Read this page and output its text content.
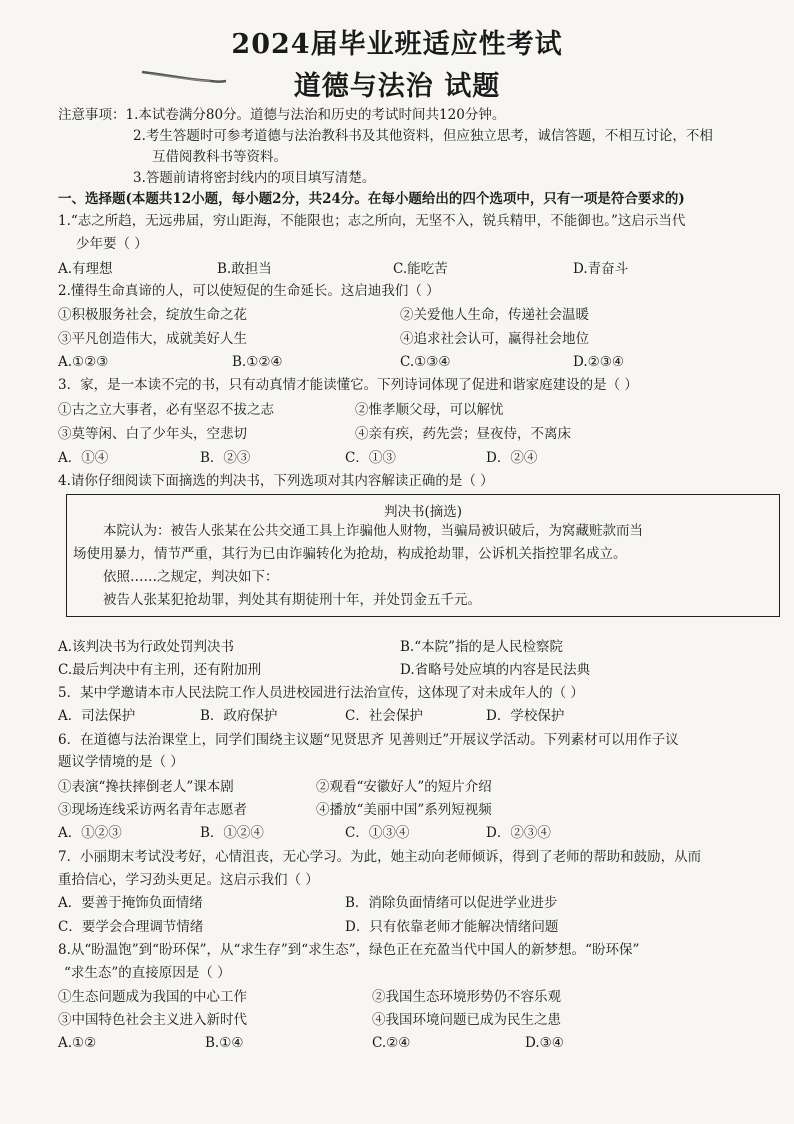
2024届毕业班适应性考试
道德与法治 试题
注意事项：1.本试卷满分80分。道德与法治和历史的考试时间共120分钟。
2.考生答题时可参考道德与法治教科书及其他资料，但应独立思考，诚信答题，不相互讨论，不相
互借阅教科书等资料。
3.答题前请将密封线内的项目填写清楚。
一、选择题(本题共12小题，每小题2分，共24分。在每小题给出的四个选项中，只有一项是符合要求的)
1.“志之所趋，无远弗届，穷山距海，不能限也；志之所向，无坚不入，锐兵精甲，不能御也。”这启示当代
少年要（ ）
A.有理想	B.敢担当	C.能吃苦	D.青奋斗
2.懂得生命真谛的人，可以使短促的生命延长。这启迪我们（ ）
①积极服务社会，绽放生命之花	②关爱他人生命，传递社会温暖
③平凡创造伟大，成就美好人生	④追求社会认可，赢得社会地位
A.①②③	B.①②④	C.①③④	D.②③④
3．家，是一本读不完的书，只有动真情才能读懂它。下列诗词体现了促进和谐家庭建设的是（ ）
①古之立大事者，必有坚忍不拔之志	②惟孝顺父母，可以解忧
③莫等闲、白了少年头，空悲切	④亲有疾，药先尝；昼夜侍，不离床
A．①④	B．②③	C．①③	D．②④
4.请你仔细阅读下面摘选的判决书，下列选项对其内容解读正确的是（ ）
判决书(摘选)
本院认为：被告人张某在公共交通工具上诈骗他人财物，当骗局被识破后，为窝藏赃款而当
场使用暴力，情节严重，其行为已由诈骗转化为抢劫，构成抢劫罪，公诉机关指控罪名成立。
依照……之规定，判决如下：
被告人张某犯抢劫罪，判处其有期徒刑十年，并处罚金五千元。
A.该判决书为行政处罚判决书	B.“本院”指的是人民检察院
C.最后判决中有主刑，还有附加刑	D.省略号处应填的内容是民法典
5．某中学邀请本市人民法院工作人员进校园进行法治宣传，这体现了对未成年人的（ ）
A．司法保护	B．政府保护	C．社会保护	D．学校保护
6．在道德与法治课堂上，同学们围绕主议题“见贤思齐 见善则迁”开展议学活动。下列素材可以用作子议
题议学情境的是（ ）
①表演“搀扶摔倒老人”课本剧	②观看“安徽好人”的短片介绍
③现场连线采访两名青年志愿者	④播放“美丽中国”系列短视频
A．①②③	B．①②④	C．①③④	D．②③④
7．小丽期末考试没考好，心情沮丧，无心学习。为此，她主动向老师倾诉，得到了老师的帮助和鼓励，从而
重拾信心，学习劲头更足。这启示我们（ ）
A．要善于掩饰负面情绪	B．消除负面情绪可以促进学业进步
C．要学会合理调节情绪	D．只有依靠老师才能解决情绪问题
8.从“盼温饱”到“盼环保”，从“求生存”到“求生态”，绿色正在充盈当代中国人的新梦想。“盼环保”
“求生态”的直接原因是（ ）
①生态问题成为我国的中心工作	②我国生态环境形势仍不容乐观
③中国特色社会主义进入新时代	④我国环境问题已成为民生之患
A.①②	B.①④	C.②④	D.③④
